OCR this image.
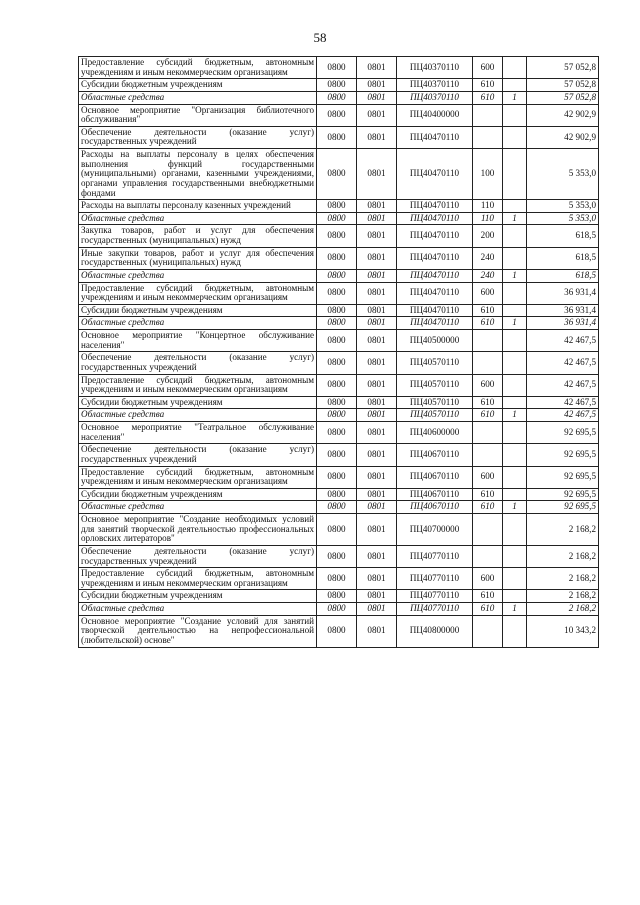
58
Предоставление субсидий бюджетным, автономным учреждениям и иным некоммерческим организациям	0800	0801	ПЦ40370110	600		57 052,8
Субсидии бюджетным учреждениям	0800	0801	ПЦ40370110	610		57 052,8
Областные средства	0800	0801	ПЦ40370110	610	1	57 052,8
Основное мероприятие "Организация библиотечного обслуживания"	0800	0801	ПЦ40400000			42 902,9
Обеспечение деятельности (оказание услуг) государственных учреждений	0800	0801	ПЦ40470110			42 902,9
Расходы на выплаты персоналу в целях обеспечения выполнения функций государственными (муниципальными) органами, казенными учреждениями, органами управления государственными внебюджетными фондами	0800	0801	ПЦ40470110	100		5 353,0
Расходы на выплаты персоналу казенных учреждений	0800	0801	ПЦ40470110	110		5 353,0
Областные средства	0800	0801	ПЦ40470110	110	1	5 353,0
Закупка товаров, работ и услуг для обеспечения государственных (муниципальных) нужд	0800	0801	ПЦ40470110	200		618,5
Иные закупки товаров, работ и услуг для обеспечения государственных (муниципальных) нужд	0800	0801	ПЦ40470110	240		618,5
Областные средства	0800	0801	ПЦ40470110	240	1	618,5
Предоставление субсидий бюджетным, автономным учреждениям и иным некоммерческим организациям	0800	0801	ПЦ40470110	600		36 931,4
Субсидии бюджетным учреждениям	0800	0801	ПЦ40470110	610		36 931,4
Областные средства	0800	0801	ПЦ40470110	610	1	36 931,4
Основное мероприятие "Концертное обслуживание населения"	0800	0801	ПЦ40500000			42 467,5
Обеспечение деятельности (оказание услуг) государственных учреждений	0800	0801	ПЦ40570110			42 467,5
Предоставление субсидий бюджетным, автономным учреждениям и иным некоммерческим организациям	0800	0801	ПЦ40570110	600		42 467,5
Субсидии бюджетным учреждениям	0800	0801	ПЦ40570110	610		42 467,5
Областные средства	0800	0801	ПЦ40570110	610	1	42 467,5
Основное мероприятие "Театральное обслуживание населения"	0800	0801	ПЦ40600000			92 695,5
Обеспечение деятельности (оказание услуг) государственных учреждений	0800	0801	ПЦ40670110			92 695,5
Предоставление субсидий бюджетным, автономным учреждениям и иным некоммерческим организациям	0800	0801	ПЦ40670110	600		92 695,5
Субсидии бюджетным учреждениям	0800	0801	ПЦ40670110	610		92 695,5
Областные средства	0800	0801	ПЦ40670110	610	1	92 695,5
Основное мероприятие "Создание необходимых условий для занятий творческой деятельностью профессиональных орловских литераторов"	0800	0801	ПЦ40700000			2 168,2
Обеспечение деятельности (оказание услуг) государственных учреждений	0800	0801	ПЦ40770110			2 168,2
Предоставление субсидий бюджетным, автономным учреждениям и иным некоммерческим организациям	0800	0801	ПЦ40770110	600		2 168,2
Субсидии бюджетным учреждениям	0800	0801	ПЦ40770110	610		2 168,2
Областные средства	0800	0801	ПЦ40770110	610	1	2 168,2
Основное мероприятие "Создание условий для занятий творческой деятельностью на непрофессиональной (любительской) основе"	0800	0801	ПЦ40800000			10 343,2
